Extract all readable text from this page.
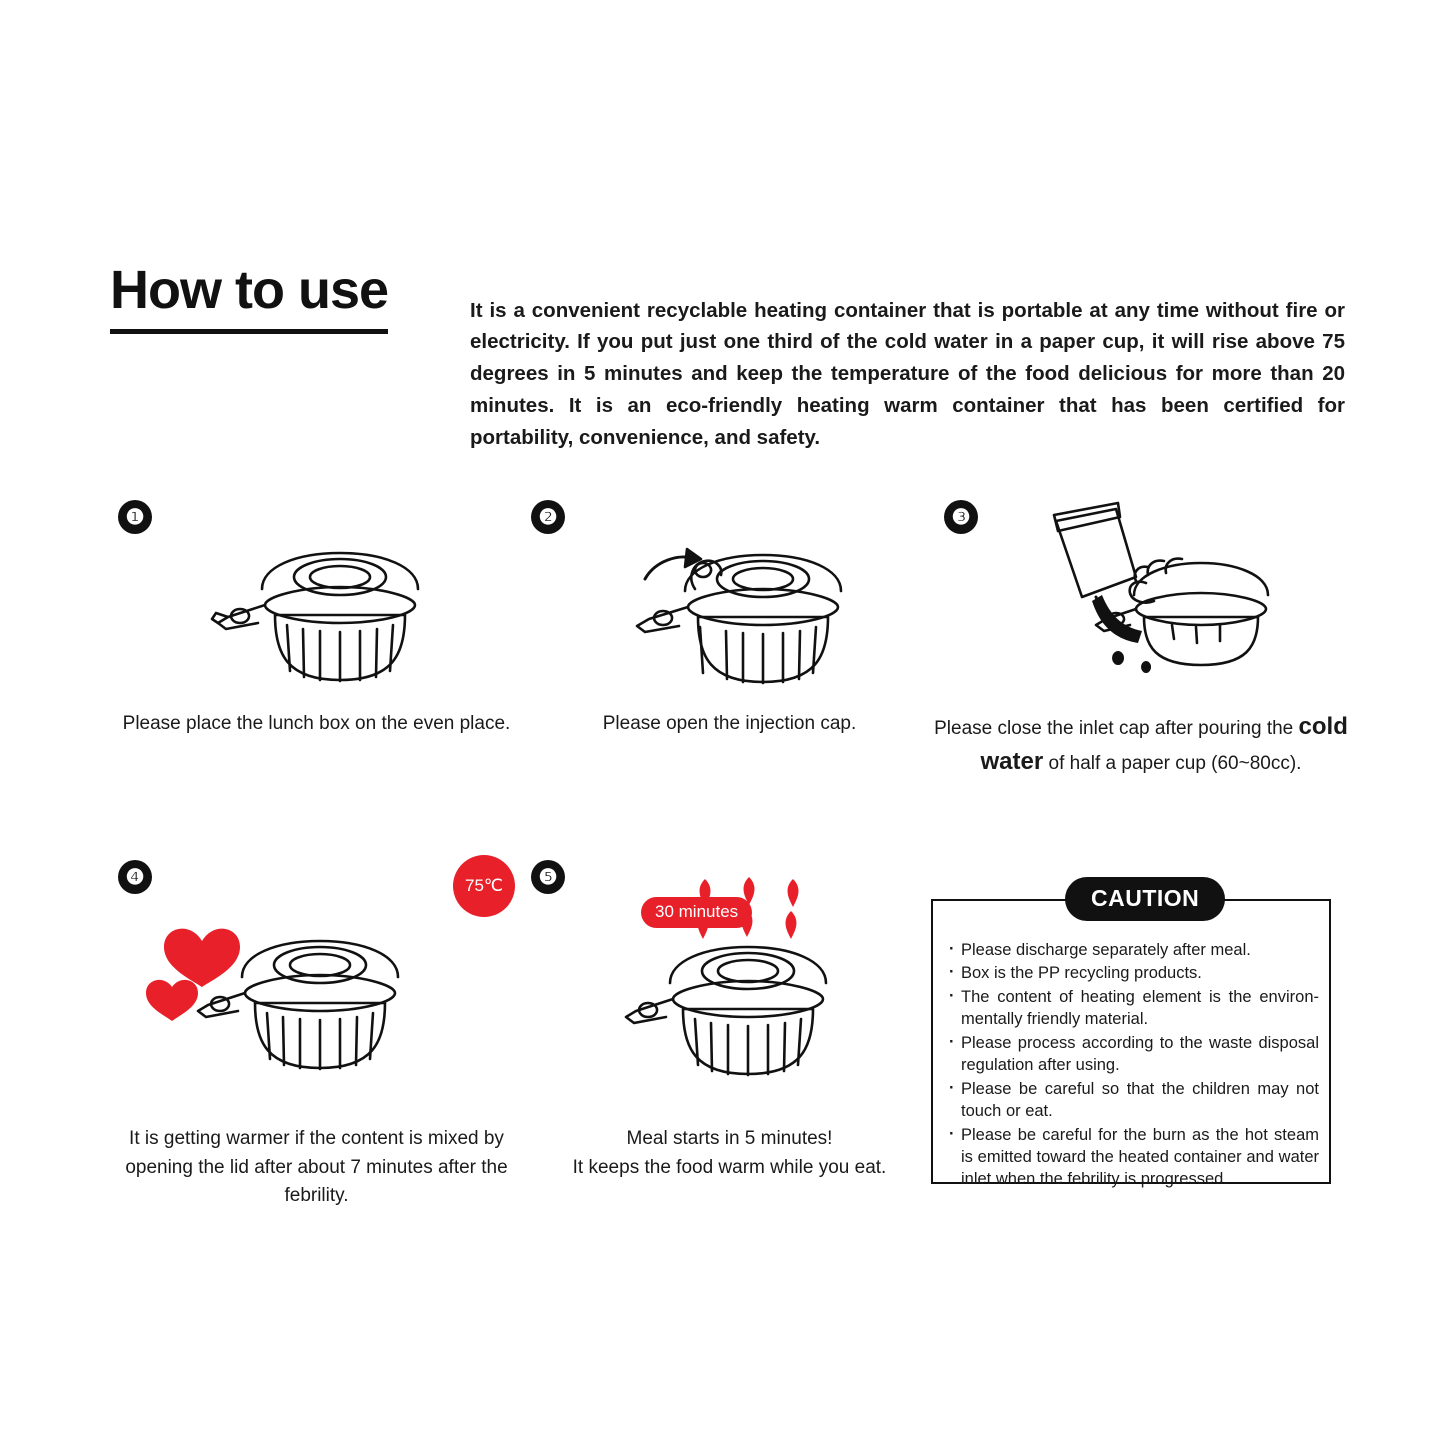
How to use	It is a convenient recyclable heating container that is portable at any time without fire or electricity. If you put just one third of the cold water in a paper cup, it will rise above 75 degrees in 5 minutes and keep the temperature of the food delicious for more than 20 minutes. It is an eco-friendly heating warm container that has been certified for portability, convenience, and safety.

❶
Please place the lunch box on the even place.
❷
Please open the injection cap.
❸
Please close the inlet cap after pouring the cold water of half a paper cup (60~80cc).
❹	75℃
It is getting warmer if the content is mixed by opening the lid after about 7 minutes after the febrility.
❺
30 minutes
Meal starts in 5 minutes!
It keeps the food warm while you eat.
CAUTION
· Please discharge separately after meal.
· Box is the PP recycling products.
· The content of heating element is the environ- mentally friendly material.
· Please process according to the waste disposal regulation after using.
· Please be careful so that the children may not touch or eat.
· Please be careful for the burn as the hot steam is emitted toward the heated container and water inlet when the febrility is progressed.
